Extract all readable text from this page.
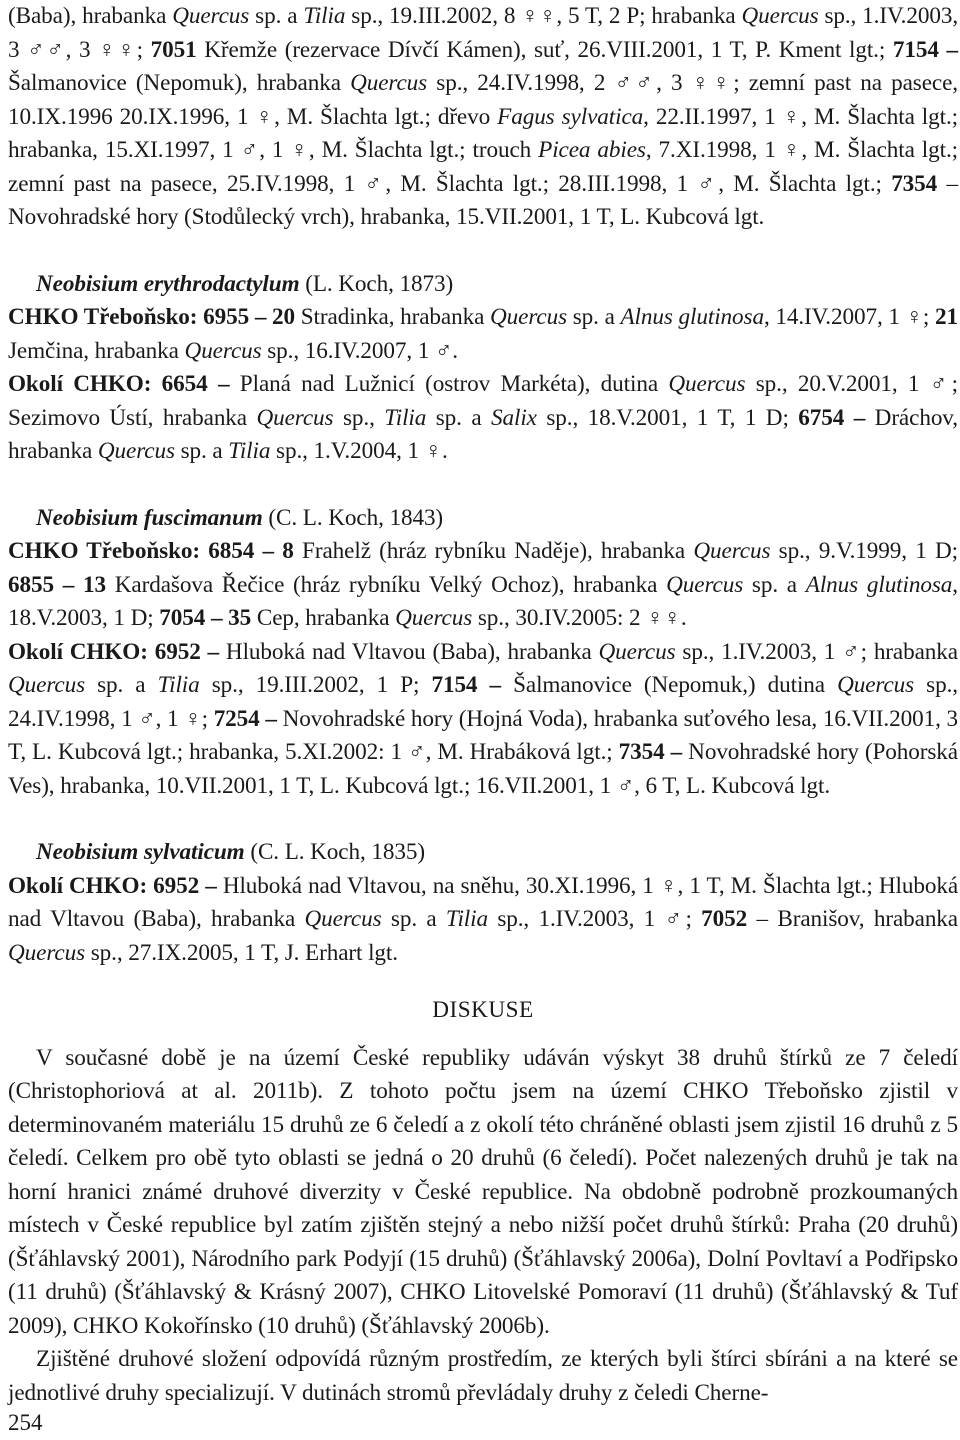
(Baba), hrabanka Quercus sp. a Tilia sp., 19.III.2002, 8 ♀♀, 5 T, 2 P; hrabanka Quercus sp., 1.IV.2003, 3 ♂♂, 3 ♀♀; 7051 Křemže (rezervace Dívčí Kámen), suť, 26.VIII.2001, 1 T, P. Kment lgt.; 7154 – Šalmanovice (Nepomuk), hrabanka Quercus sp., 24.IV.1998, 2 ♂♂, 3 ♀♀; zemní past na pasece, 10.IX.1996 20.IX.1996, 1 ♀, M. Šlachta lgt.; dřevo Fagus sylvatica, 22.II.1997, 1 ♀, M. Šlachta lgt.; hrabanka, 15.XI.1997, 1 ♂, 1 ♀, M. Šlachta lgt.; trouch Picea abies, 7.XI.1998, 1 ♀, M. Šlachta lgt.; zemní past na pasece, 25.IV.1998, 1 ♂, M. Šlachta lgt.; 28.III.1998, 1 ♂, M. Šlachta lgt.; 7354 – Novohradské hory (Stodůlecký vrch), hrabanka, 15.VII.2001, 1 T, L. Kubcová lgt.

Neobisium erythrodactylum (L. Koch, 1873)

CHKO Třeboňsko: 6955 – 20 Stradinka, hrabanka Quercus sp. a Alnus glutinosa, 14.IV.2007, 1 ♀; 21 Jemčina, hrabanka Quercus sp., 16.IV.2007, 1 ♂.

Okolí CHKO: 6654 – Planá nad Lužnicí (ostrov Markéta), dutina Quercus sp., 20.V.2001, 1 ♂; Sezimovo Ústí, hrabanka Quercus sp., Tilia sp. a Salix sp., 18.V.2001, 1 T, 1 D; 6754 – Dráchov, hrabanka Quercus sp. a Tilia sp., 1.V.2004, 1 ♀.

Neobisium fuscimanum (C. L. Koch, 1843)

CHKO Třeboňsko: 6854 – 8 Frahelž (hráz rybníku Naděje), hrabanka Quercus sp., 9.V.1999, 1 D; 6855 – 13 Kardašova Řečice (hráz rybníku Velký Ochoz), hrabanka Quercus sp. a Alnus glutinosa, 18.V.2003, 1 D; 7054 – 35 Cep, hrabanka Quercus sp., 30.IV.2005: 2 ♀♀.

Okolí CHKO: 6952 – Hluboká nad Vltavou (Baba), hrabanka Quercus sp., 1.IV.2003, 1 ♂; hrabanka Quercus sp. a Tilia sp., 19.III.2002, 1 P; 7154 – Šalmanovice (Nepomuk,) dutina Quercus sp., 24.IV.1998, 1 ♂, 1 ♀; 7254 – Novohradské hory (Hojná Voda), hrabanka suťového lesa, 16.VII.2001, 3 T, L. Kubcová lgt.; hrabanka, 5.XI.2002: 1 ♂, M. Hrabáková lgt.; 7354 – Novohradské hory (Pohorská Ves), hrabanka, 10.VII.2001, 1 T, L. Kubcová lgt.; 16.VII.2001, 1 ♂, 6 T, L. Kubcová lgt.

Neobisium sylvaticum (C. L. Koch, 1835)

Okolí CHKO: 6952 – Hluboká nad Vltavou, na sněhu, 30.XI.1996, 1 ♀, 1 T, M. Šlachta lgt.; Hluboká nad Vltavou (Baba), hrabanka Quercus sp. a Tilia sp., 1.IV.2003, 1 ♂; 7052 – Branišov, hrabanka Quercus sp., 27.IX.2005, 1 T, J. Erhart lgt.

DISKUSE

V současné době je na území České republiky udáván výskyt 38 druhů štírků ze 7 čeledí (Christophoriová at al. 2011b). Z tohoto počtu jsem na území CHKO Třeboňsko zjistil v determinovaném materiálu 15 druhů ze 6 čeledí a z okolí této chráněné oblasti jsem zjistil 16 druhů z 5 čeledí. Celkem pro obě tyto oblasti se jedná o 20 druhů (6 čeledí). Počet nalezených druhů je tak na horní hranici známé druhové diverzity v České republice. Na obdobně podrobně prozkoumaných místech v České republice byl zatím zjištěn stejný a nebo nižší počet druhů štírků: Praha (20 druhů) (Šťáhlavský 2001), Národního park Podyjí (15 druhů) (Šťáhlavský 2006a), Dolní Povltaví a Podřipsko (11 druhů) (Šťáhlavský & Krásný 2007), CHKO Litovelské Pomoraví (11 druhů) (Šťáhlavský & Tuf 2009), CHKO Kokořínsko (10 druhů) (Šťáhlavský 2006b).

Zjištěné druhové složení odpovídá různým prostředím, ze kterých byli štírci sbíráni a na které se jednotlivé druhy specializují. V dutinách stromů převládaly druhy z čeledi Cherne-

254
